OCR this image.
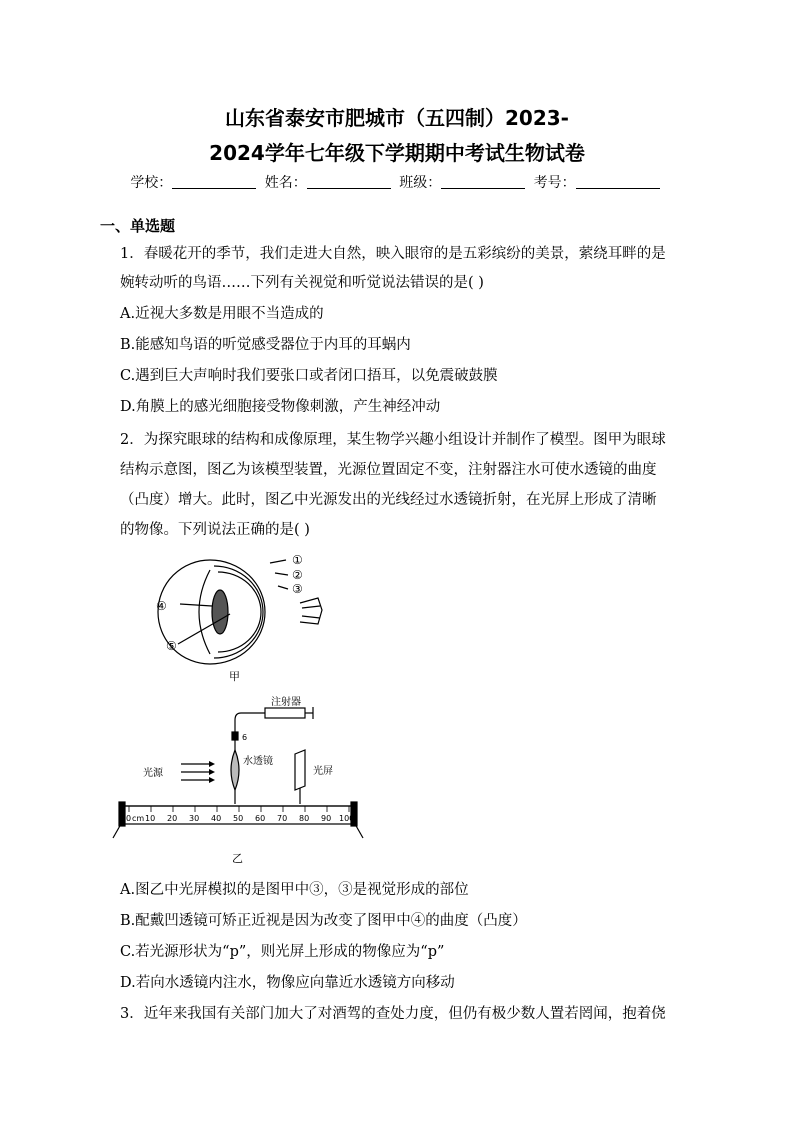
山东省泰安市肥城市（五四制）2023-
2024学年七年级下学期期中考试生物试卷
学校：	姓名：	班级：	考号：
一、单选题
1．春暖花开的季节，我们走进大自然，映入眼帘的是五彩缤纷的美景，萦绕耳畔的是
婉转动听的鸟语……下列有关视觉和听觉说法错误的是( )
A.近视大多数是用眼不当造成的
B.能感知鸟语的听觉感受器位于内耳的耳蜗内
C.遇到巨大声响时我们要张口或者闭口捂耳，以免震破鼓膜
D.角膜上的感光细胞接受物像刺激，产生神经冲动
2．为探究眼球的结构和成像原理，某生物学兴趣小组设计并制作了模型。图甲为眼球
结构示意图，图乙为该模型装置，光源位置固定不变，注射器注水可使水透镜的曲度
（凸度）增大。此时，图乙中光源发出的光线经过水透镜折射，在光屏上形成了清晰
的物像。下列说法正确的是( )
①
②
③
④
⑤
甲
注射器
6
光源
水透镜
光屏
0 cm 10 20 30 40 50 60 70 80 90 100
乙
A.图乙中光屏模拟的是图甲中③，③是视觉形成的部位
B.配戴凹透镜可矫正近视是因为改变了图甲中④的曲度（凸度）
C.若光源形状为“p”，则光屏上形成的物像应为“p”
D.若向水透镜内注水，物像应向靠近水透镜方向移动
3．近年来我国有关部门加大了对酒驾的查处力度，但仍有极少数人置若罔闻，抱着侥
